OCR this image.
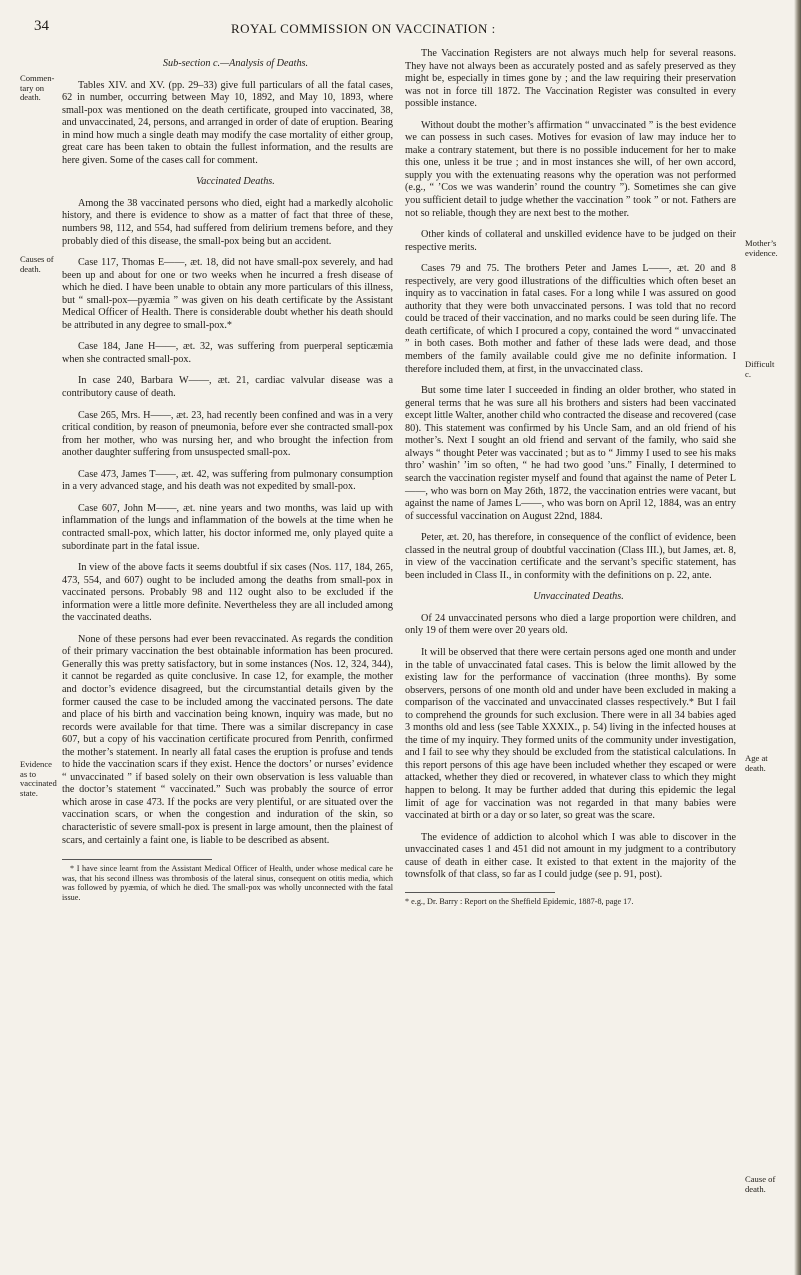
34	ROYAL COMMISSION ON VACCINATION :
Commen-
tary on
death.
Causes of
death.
Evidence
as to
vaccinated
state.
Mother’s
evidence.
Difficult
c.
Age at
death.
Cause of
death.

Sub-section c.—Analysis of Deaths.

Tables XIV. and XV. (pp. 29–33) give full particulars of all the fatal cases, 62 in number, occurring between May 10, 1892, and May 10, 1893, where small-pox was mentioned on the death certificate, grouped into vaccinated, 38, and unvaccinated, 24, persons, and arranged in order of date of eruption. Bearing in mind how much a single death may modify the case mortality of either group, great care has been taken to obtain the fullest information, and the results are here given. Some of the cases call for comment.

Vaccinated Deaths.

Among the 38 vaccinated persons who died, eight had a markedly alcoholic history, and there is evidence to show as a matter of fact that three of these, numbers 98, 112, and 554, had suffered from delirium tremens before, and they probably died of this disease, the small-pox being but an accident.

Case 117, Thomas E——, æt. 18, did not have small-pox severely, and had been up and about for one or two weeks when he incurred a fresh disease of which he died. I have been unable to obtain any more particulars of this illness, but “ small-pox—pyæmia ” was given on his death certificate by the Assistant Medical Officer of Health. There is considerable doubt whether his death should be attributed in any degree to small-pox.*

Case 184, Jane H——, æt. 32, was suffering from puerperal septicæmia when she contracted small-pox.

In case 240, Barbara W——, æt. 21, cardiac valvular disease was a contributory cause of death.

Case 265, Mrs. H——, æt. 23, had recently been confined and was in a very critical condition, by reason of pneumonia, before ever she contracted small-pox from her mother, who was nursing her, and who brought the infection from another daughter suffering from unsuspected small-pox.

Case 473, James T——, æt. 42, was suffering from pulmonary consumption in a very advanced stage, and his death was not expedited by small-pox.

Case 607, John M——, æt. nine years and two months, was laid up with inflammation of the lungs and inflammation of the bowels at the time when he contracted small-pox, which latter, his doctor informed me, only played quite a subordinate part in the fatal issue.

In view of the above facts it seems doubtful if six cases (Nos. 117, 184, 265, 473, 554, and 607) ought to be included among the deaths from small-pox in vaccinated persons. Probably 98 and 112 ought also to be excluded if the information were a little more definite. Nevertheless they are all included among the vaccinated deaths.

None of these persons had ever been revaccinated. As regards the condition of their primary vaccination the best obtainable information has been procured. Generally this was pretty satisfactory, but in some instances (Nos. 12, 324, 344), it cannot be regarded as quite conclusive. In case 12, for example, the mother and doctor’s evidence disagreed, but the circumstantial details given by the former caused the case to be included among the vaccinated persons. The date and place of his birth and vaccination being known, inquiry was made, but no records were available for that time. There was a similar discrepancy in case 607, but a copy of his vaccination certificate procured from Penrith, confirmed the mother’s statement. In nearly all fatal cases the eruption is profuse and tends to hide the vaccination scars if they exist. Hence the doctors’ or nurses’ evidence “ unvaccinated ” if based solely on their own observation is less valuable than the doctor’s statement “ vaccinated.” Such was probably the source of error which arose in case 473. If the pocks are very plentiful, or are situated over the vaccination scars, or when the congestion and induration of the skin, so characteristic of severe small-pox is present in large amount, then the plainest of scars, and certainly a faint one, is liable to be described as absent.

* I have since learnt from the Assistant Medical Officer of Health, under whose medical care he was, that his second illness was thrombosis of the lateral sinus, consequent on otitis media, which was followed by pyæmia, of which he died. The small-pox was wholly unconnected with the fatal issue.

The Vaccination Registers are not always much help for several reasons. They have not always been as accurately posted and as safely preserved as they might be, especially in times gone by ; and the law requiring their preservation was not in force till 1872. The Vaccination Register was consulted in every possible instance.

Without doubt the mother’s affirmation “ unvaccinated ” is the best evidence we can possess in such cases. Motives for evasion of law may induce her to make a contrary statement, but there is no possible inducement for her to make this one, unless it be true ; and in most instances she will, of her own accord, supply you with the extenuating reasons why the operation was not performed (e.g., “ ’Cos we was wanderin’ round the country ”). Sometimes she can give you sufficient detail to judge whether the vaccination ” took ” or not. Fathers are not so reliable, though they are next best to the mother.

Other kinds of collateral and unskilled evidence have to be judged on their respective merits.

Cases 79 and 75. The brothers Peter and James L——, æt. 20 and 8 respectively, are very good illustrations of the difficulties which often beset an inquiry as to vaccination in fatal cases. For a long while I was assured on good authority that they were both unvaccinated persons. I was told that no record could be traced of their vaccination, and no marks could be seen during life. The death certificate, of which I procured a copy, contained the word “ unvaccinated ” in both cases. Both mother and father of these lads were dead, and those members of the family available could give me no definite information. I therefore included them, at first, in the unvaccinated class.

But some time later I succeeded in finding an older brother, who stated in general terms that he was sure all his brothers and sisters had been vaccinated except little Walter, another child who contracted the disease and recovered (case 80). This statement was confirmed by his Uncle Sam, and an old friend of his mother’s. Next I sought an old friend and servant of the family, who said she always “ thought Peter was vaccinated ; but as to “ Jimmy I used to see his maks thro’ washin’ ’im so often, “ he had two good ’uns.” Finally, I determined to search the vaccination register myself and found that against the name of Peter L——, who was born on May 26th, 1872, the vaccination entries were vacant, but against the name of James L——, who was born on April 12, 1884, was an entry of successful vaccination on August 22nd, 1884.

Peter, æt. 20, has therefore, in consequence of the conflict of evidence, been classed in the neutral group of doubtful vaccination (Class III.), but James, æt. 8, in view of the vaccination certificate and the servant’s specific statement, has been included in Class II., in conformity with the definitions on p. 22, ante.

Unvaccinated Deaths.

Of 24 unvaccinated persons who died a large proportion were children, and only 19 of them were over 20 years old.

It will be observed that there were certain persons aged one month and under in the table of unvaccinated fatal cases. This is below the limit allowed by the existing law for the performance of vaccination (three months). By some observers, persons of one month old and under have been excluded in making a comparison of the vaccinated and unvaccinated classes respectively.* But I fail to comprehend the grounds for such exclusion. There were in all 34 babies aged 3 months old and less (see Table XXXIX., p. 54) living in the infected houses at the time of my inquiry. They formed units of the community under investigation, and I fail to see why they should be excluded from the statistical calculations. In this report persons of this age have been included whether they escaped or were attacked, whether they died or recovered, in whatever class to which they might happen to belong. It may be further added that during this epidemic the legal limit of age for vaccination was not regarded in that many babies were vaccinated at birth or a day or so later, so great was the scare.

The evidence of addiction to alcohol which I was able to discover in the unvaccinated cases 1 and 451 did not amount in my judgment to a contributory cause of death in either case. It existed to that extent in the majority of the townsfolk of that class, so far as I could judge (see p. 91, post).

* e.g., Dr. Barry : Report on the Sheffield Epidemic, 1887-8, page 17.
